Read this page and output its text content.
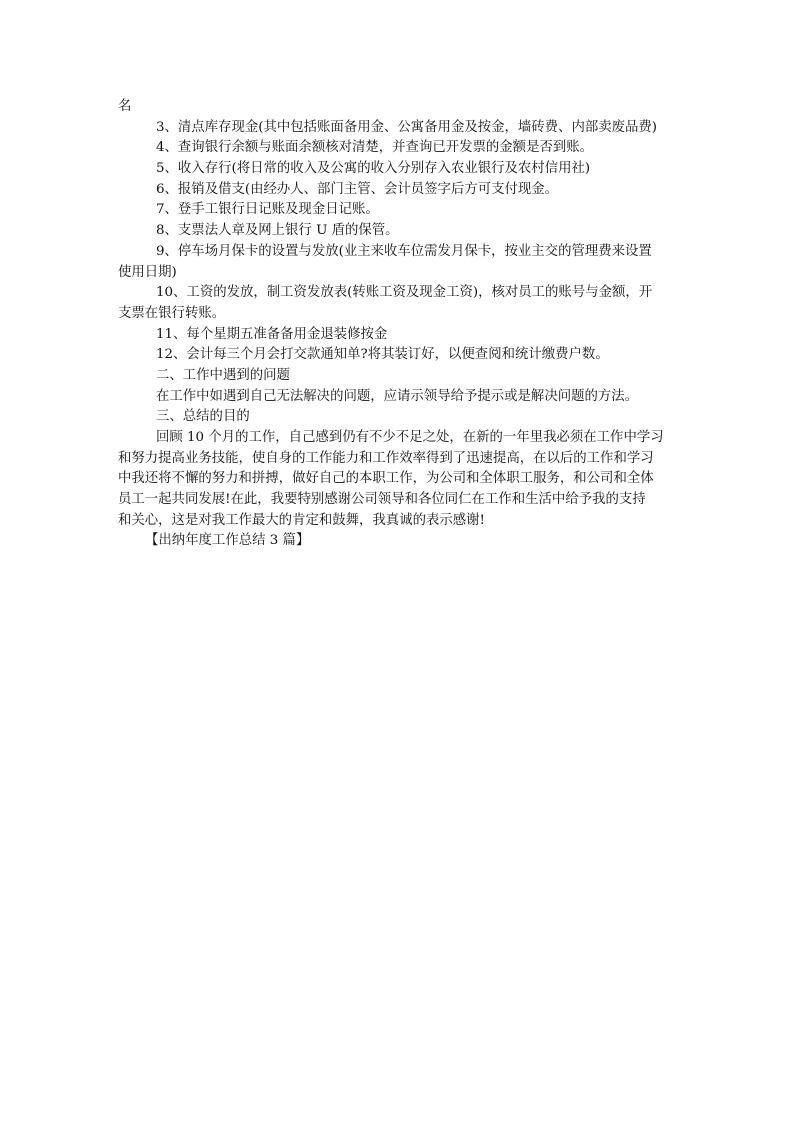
名
3、清点库存现金(其中包括账面备用金、公寓备用金及按金，墙砖费、内部卖废品费)
4、查询银行余额与账面余额核对清楚，并查询已开发票的金额是否到账。
5、收入存行(将日常的收入及公寓的收入分别存入农业银行及农村信用社)
6、报销及借支(由经办人、部门主管、会计员签字后方可支付现金。
7、登手工银行日记账及现金日记账。
8、支票法人章及网上银行 U 盾的保管。
9、停车场月保卡的设置与发放(业主来收车位需发月保卡，按业主交的管理费来设置
使用日期)
10、工资的发放，制工资发放表(转账工资及现金工资)，核对员工的账号与金额，开
支票在银行转账。
11、每个星期五准备备用金退装修按金
12、会计每三个月会打交款通知单?将其装订好，以便查阅和统计缴费户数。
二、工作中遇到的问题
在工作中如遇到自己无法解决的问题，应请示领导给予提示或是解决问题的方法。
三、总结的目的
回顾 10 个月的工作，自己感到仍有不少不足之处，在新的一年里我必须在工作中学习
和努力提高业务技能，使自身的工作能力和工作效率得到了迅速提高，在以后的工作和学习
中我还将不懈的努力和拼搏，做好自己的本职工作，为公司和全体职工服务，和公司和全体
员工一起共同发展!在此，我要特别感谢公司领导和各位同仁在工作和生活中给予我的支持
和关心，这是对我工作最大的肯定和鼓舞，我真诚的表示感谢!
【出纳年度工作总结 3 篇】
